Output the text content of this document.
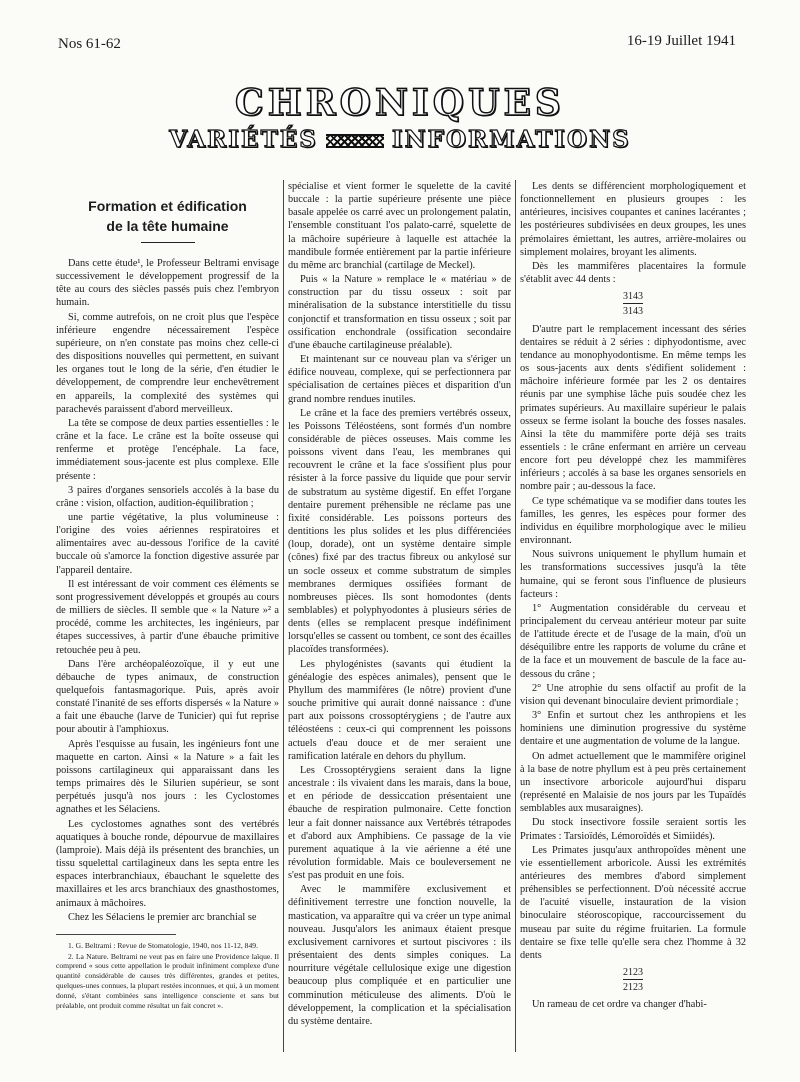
Nos 61-62	16-19 Juillet 1941
CHRONIQUES
VARIÉTÉS	INFORMATIONS
Formation et édification
de la tête humaine

Dans cette étude¹, le Professeur Beltrami envisage successivement le développement progressif de la tête au cours des siècles passés puis chez l'embryon humain.

Si, comme autrefois, on ne croit plus que l'espèce inférieure engendre nécessairement l'espèce supérieure, on n'en constate pas moins chez celle-ci des dispositions nouvelles qui permettent, en suivant les organes tout le long de la série, d'en étudier le développement, de comprendre leur enchevêtrement en appareils, la complexité des systèmes qui parachevés paraissent d'abord merveilleux.

La tête se compose de deux parties essentielles : le crâne et la face. Le crâne est la boîte osseuse qui renferme et protège l'encéphale. La face, immédiatement sous-jacente est plus complexe. Elle présente :

3 paires d'organes sensoriels accolés à la base du crâne : vision, olfaction, audition-équilibration ;

une partie végétative, la plus volumineuse : l'origine des voies aériennes respiratoires et alimentaires avec au-dessous l'orifice de la cavité buccale où s'amorce la fonction digestive assurée par l'appareil dentaire.

Il est intéressant de voir comment ces éléments se sont progressivement développés et groupés au cours de milliers de siècles. Il semble que « la Nature »² a procédé, comme les architectes, les ingénieurs, par étapes successives, à partir d'une ébauche primitive retouchée peu à peu.

Dans l'ère archéopaléozoïque, il y eut une débauche de types animaux, de construction quelquefois fantasmagorique. Puis, après avoir constaté l'inanité de ses efforts dispersés « la Nature » a fait une ébauche (larve de Tunicier) qui fut reprise pour aboutir à l'amphioxus.

Après l'esquisse au fusain, les ingénieurs font une maquette en carton. Ainsi « la Nature » a fait les poissons cartilagineux qui apparaissant dans les temps primaires dès le Silurien supérieur, se sont perpétués jusqu'à nos jours : les Cyclostomes agnathes et les Sélaciens.

Les cyclostomes agnathes sont des vertébrés aquatiques à bouche ronde, dépourvue de maxillaires (lamproie). Mais déjà ils présentent des branchies, un tissu squelettal cartilagineux dans les septa entre les espaces interbranchiaux, ébauchant le squelette des maxillaires et les arcs branchiaux des gnasthostomes, animaux à mâchoires.

Chez les Sélaciens le premier arc branchial se

1. G. Beltrami : Revue de Stomatologie, 1940, nos 11-12, 849.

2. La Nature. Beltrami ne veut pas en faire une Providence laïque. Il comprend « sous cette appellation le produit infiniment complexe d'une quantité considérable de causes très différentes, grandes et petites, quelques-unes connues, la plupart restées inconnues, et qui, à un moment donné, s'étant combinées sans intelligence consciente et sans but préalable, ont produit comme résultat un fait concret ».

spécialise et vient former le squelette de la cavité buccale : la partie supérieure présente une pièce basale appelée os carré avec un prolongement palatin, l'ensemble constituant l'os palato-carré, squelette de la mâchoire supérieure à laquelle est attachée la mandibule formée entièrement par la partie inférieure du même arc branchial (cartilage de Meckel).

Puis « la Nature » remplace le « matériau » de construction par du tissu osseux : soit par minéralisation de la substance interstitielle du tissu conjonctif et transformation en tissu osseux ; soit par ossification enchondrale (ossification secondaire d'une ébauche cartilagineuse préalable).

Et maintenant sur ce nouveau plan va s'ériger un édifice nouveau, complexe, qui se perfectionnera par spécialisation de certaines pièces et disparition d'un grand nombre rendues inutiles.

Le crâne et la face des premiers vertébrés osseux, les Poissons Téléostéens, sont formés d'un nombre considérable de pièces osseuses. Mais comme les poissons vivent dans l'eau, les membranes qui recouvrent le crâne et la face s'ossifient plus pour résister à la force passive du liquide que pour servir de substratum au système digestif. En effet l'organe dentaire purement préhensible ne réclame pas une fixité considérable. Les poissons porteurs des dentitions les plus solides et les plus différenciées (loup, dorade), ont un système dentaire simple (cônes) fixé par des tractus fibreux ou ankylosé sur un socle osseux et comme substratum de simples membranes dermiques ossifiées formant de nombreuses pièces. Ils sont homodontes (dents semblables) et polyphyodontes à plusieurs séries de dents (elles se remplacent presque indéfiniment lorsqu'elles se cassent ou tombent, ce sont des écailles placoïdes transformées).

Les phylogénistes (savants qui étudient la généalogie des espèces animales), pensent que le Phyllum des mammifères (le nôtre) provient d'une souche primitive qui aurait donné naissance : d'une part aux poissons crossoptérygiens ; de l'autre aux téléostéens : ceux-ci qui comprennent les poissons actuels d'eau douce et de mer seraient une ramification latérale en dehors du phyllum.

Les Crossoptérygiens seraient dans la ligne ancestrale : ils vivaient dans les marais, dans la boue, et en période de dessiccation présentaient une ébauche de respiration pulmonaire. Cette fonction leur a fait donner naissance aux Vertébrés tétrapodes et d'abord aux Amphibiens. Ce passage de la vie purement aquatique à la vie aérienne a été une révolution formidable. Mais ce bouleversement ne s'est pas produit en une fois.

Avec le mammifère exclusivement et définitivement terrestre une fonction nouvelle, la mastication, va apparaître qui va créer un type animal nouveau. Jusqu'alors les animaux étaient presque exclusivement carnivores et surtout piscivores : ils présentaient des dents simples coniques. La nourriture végétale cellulosique exige une digestion beaucoup plus compliquée et en particulier une comminution méticuleuse des aliments. D'où le développement, la complication et la spécialisation du système dentaire.

Les dents se différencient morphologiquement et fonctionnellement en plusieurs groupes : les antérieures, incisives coupantes et canines lacérantes ; les postérieures subdivisées en deux groupes, les unes prémolaires émiettant, les autres, arrière-molaires ou simplement molaires, broyant les aliments.

Dès les mammifères placentaires la formule s'établit avec 44 dents :

3143
3143

D'autre part le remplacement incessant des séries dentaires se réduit à 2 séries : diphyodontisme, avec tendance au monophyodontisme. En même temps les os sous-jacents aux dents s'édifient solidement : mâchoire inférieure formée par les 2 os dentaires réunis par une symphise lâche puis soudée chez les primates supérieurs. Au maxillaire supérieur le palais osseux se ferme isolant la bouche des fosses nasales. Ainsi la tête du mammifère porte déjà ses traits essentiels : le crâne enfermant en arrière un cerveau encore fort peu développé chez les mammifères inférieurs ; accolés à sa base les organes sensoriels en nombre pair ; au-dessous la face.

Ce type schématique va se modifier dans toutes les familles, les genres, les espèces pour former des individus en équilibre morphologique avec le milieu environnant.

Nous suivrons uniquement le phyllum humain et les transformations successives jusqu'à la tête humaine, qui se feront sous l'influence de plusieurs facteurs :

1° Augmentation considérable du cerveau et principalement du cerveau antérieur moteur par suite de l'attitude érecte et de l'usage de la main, d'où un déséquilibre entre les rapports de volume du crâne et de la face et un mouvement de bascule de la face au-dessous du crâne ;

2° Une atrophie du sens olfactif au profit de la vision qui devenant binoculaire devient primordiale ;

3° Enfin et surtout chez les anthropiens et les hominiens une diminution progressive du système dentaire et une augmentation de volume de la langue.

On admet actuellement que le mammifère originel à la base de notre phyllum est à peu près certainement un insectivore arboricole aujourd'hui disparu (représenté en Malaisie de nos jours par les Tupaïdés semblables aux musaraignes).

Du stock insectivore fossile seraient sortis les Primates : Tarsioïdés, Lémoroïdés et Simiidés).

Les Primates jusqu'aux anthropoïdes mènent une vie essentiellement arboricole. Aussi les extrémités antérieures des membres d'abord simplement préhensibles se perfectionnent. D'où nécessité accrue de l'acuité visuelle, instauration de la vision binoculaire stéoroscopique, raccourcissement du museau par suite du régime fruitarien. La formule dentaire se fixe telle qu'elle sera chez l'homme à 32 dents

2123
2123

Un rameau de cet ordre va changer d'habi-
